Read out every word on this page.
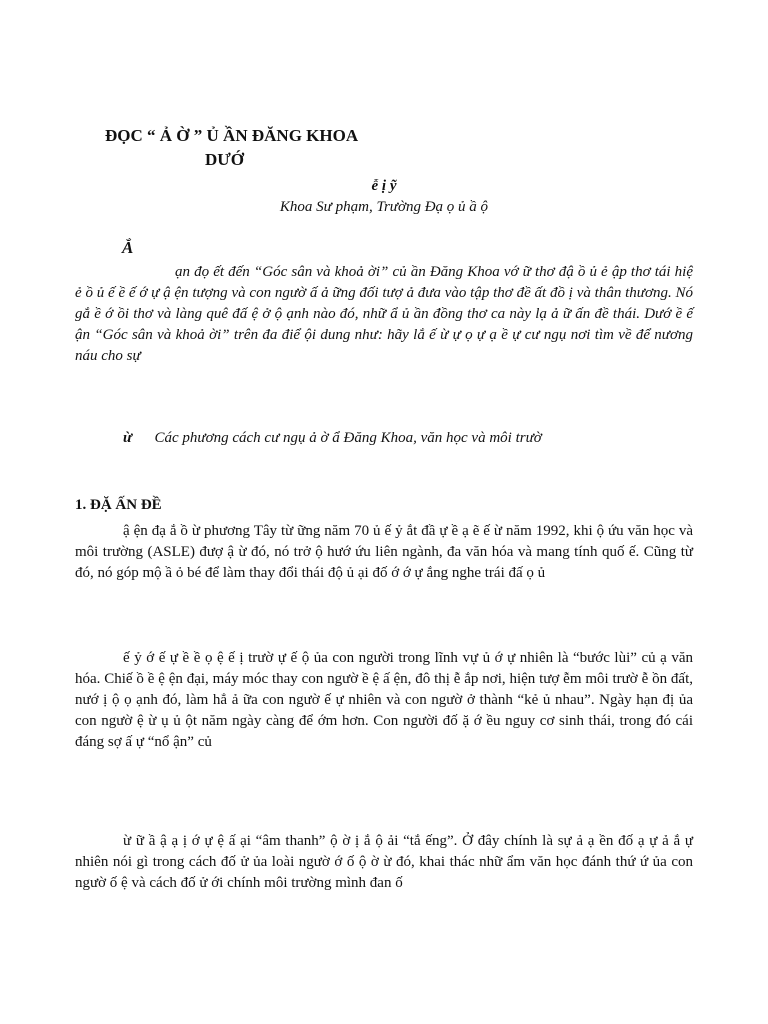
ĐỌC “ Ả Ờ ” Ủ ẦN ĐĂNG KHOA
DƯỚ

ễ ị ỹ

Khoa Sư phạm, Trường Đạ ọ ủ ầ ộ

Ắ

ạn đọ ết đến “Góc sân và khoả ời” củ ần Đăng Khoa vớ ữ thơ đậ ồ ủ ẻ ập thơ tái hiệ ẻ ồ ủ ế ề ế ớ ự ậ ện tượng và con ngườ ấ ả ững đối tượ ả đưa vào tập thơ đề ất đồ ị và thân thương. Nó gắ ề ớ ồi thơ và làng quê đấ ệ ở ộ ạnh nào đó, nhữ ẩ ủ ần đồng thơ ca này lạ ả ữ ấn đề thái. Dướ ề ế ận “Góc sân và khoả ời” trên đa điể ội dung như: hãy lắ ế ừ ự ọ ự ạ ề ự cư ngụ nơi tìm về để nương náu cho sự

ừ Các phương cách cư ngụ ả ờ ẩ Đăng Khoa, văn học và môi trườ

1. ĐẶ ẤN ĐỀ

ậ ện đạ ắ ồ ừ phương Tây từ ững năm 70 ủ ế ỷ ắt đầ ự ề ạ ẽ ế ừ năm 1992, khi ộ ứu văn học và môi trường (ASLE) đượ ậ ừ đó, nó trở ộ hướ ứu liên ngành, đa văn hóa và mang tính quố ế. Cũng từ đó, nó góp mộ ầ ỏ bé để làm thay đổi thái độ ủ ại đố ớ ớ ự ắng nghe trái đấ ọ ủ

ế ỷ ớ ế ự ề ề ọ ệ ế ị trườ ự ế ộ ủa con người trong lĩnh vự ủ ớ ự nhiên là “bước lùi” củ ạ văn hóa. Chiế ồ ề ệ ện đại, máy móc thay con ngườ ề ệ ấ ện, đô thị ễ ắp nơi, hiện tượ ễm môi trườ ễ ồn đất, nướ ị ộ ọ ạnh đó, làm hẳ ả ữa con ngườ ế ự nhiên và con ngườ ở thành “kẻ ủ nhau”. Ngày hạn đị ủa con ngườ ệ ừ ụ ủ ột năm ngày càng để ớm hơn. Con người đố ặ ớ ều nguy cơ sinh thái, trong đó cái đáng sợ ấ ự “nổ ận” củ

ừ ữ ầ ậ ạ ị ớ ự ệ ấ ại “âm thanh” ộ ờ ị ắ ộ ải “tắ ếng”. Ở đây chính là sự ả ạ ền đố ạ ự ả ắ ự nhiên nói gì trong cách đố ử ủa loài ngườ ớ ố ộ ờ ừ đó, khai thác nhữ ẩm văn học đánh thứ ứ ủa con ngườ ố ệ và cách đố ử ới chính môi trường mình đan ố
